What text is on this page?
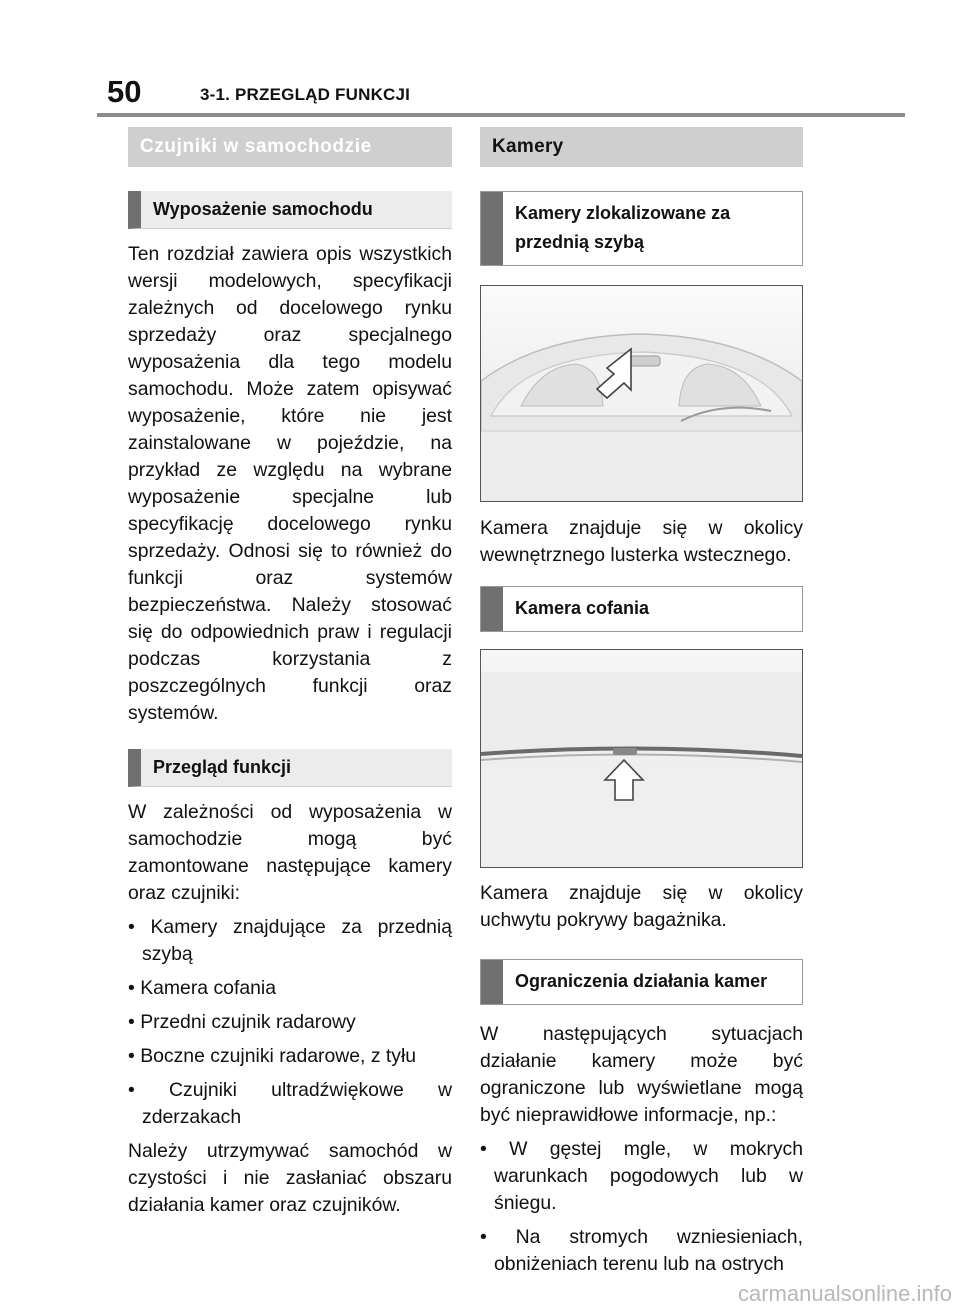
50	3-1. PRZEGLĄD FUNKCJI
Czujniki w samochodzie
Wyposażenie samochodu

Ten rozdział zawiera opis wszystkich wersji modelowych, specyfikacji zależnych od docelowego rynku sprzedaży oraz specjalnego wyposażenia dla tego modelu samochodu. Może zatem opisywać wyposażenie, które nie jest zainstalowane w pojeździe, na przykład ze względu na wybrane wyposażenie specjalne lub specyfikację docelowego rynku sprzedaży. Odnosi się to również do funkcji oraz systemów bezpieczeństwa. Należy stosować się do odpowiednich praw i regulacji podczas korzystania z poszczególnych funkcji oraz systemów.

Przegląd funkcji

W zależności od wyposażenia w samochodzie mogą być zamontowane następujące kamery oraz czujniki:

• Kamery znajdujące za przednią szybą
• Kamera cofania
• Przedni czujnik radarowy
• Boczne czujniki radarowe, z tyłu
• Czujniki ultradźwiękowe w zderzakach

Należy utrzymywać samochód w czystości i nie zasłaniać obszaru działania kamer oraz czujników.

Kamery
Kamery zlokalizowane za przednią szybą

Kamera znajduje się w okolicy wewnętrznego lusterka wstecznego.

Kamera cofania

Kamera znajduje się w okolicy uchwytu pokrywy bagażnika.

Ograniczenia działania kamer

W następujących sytuacjach działanie kamery może być ograniczone lub wyświetlane mogą być nieprawidłowe informacje, np.:

• W gęstej mgle, w mokrych warunkach pogodowych lub w śniegu.
• Na stromych wzniesieniach, obniżeniach terenu lub na ostrych
carmanualsonline.info
